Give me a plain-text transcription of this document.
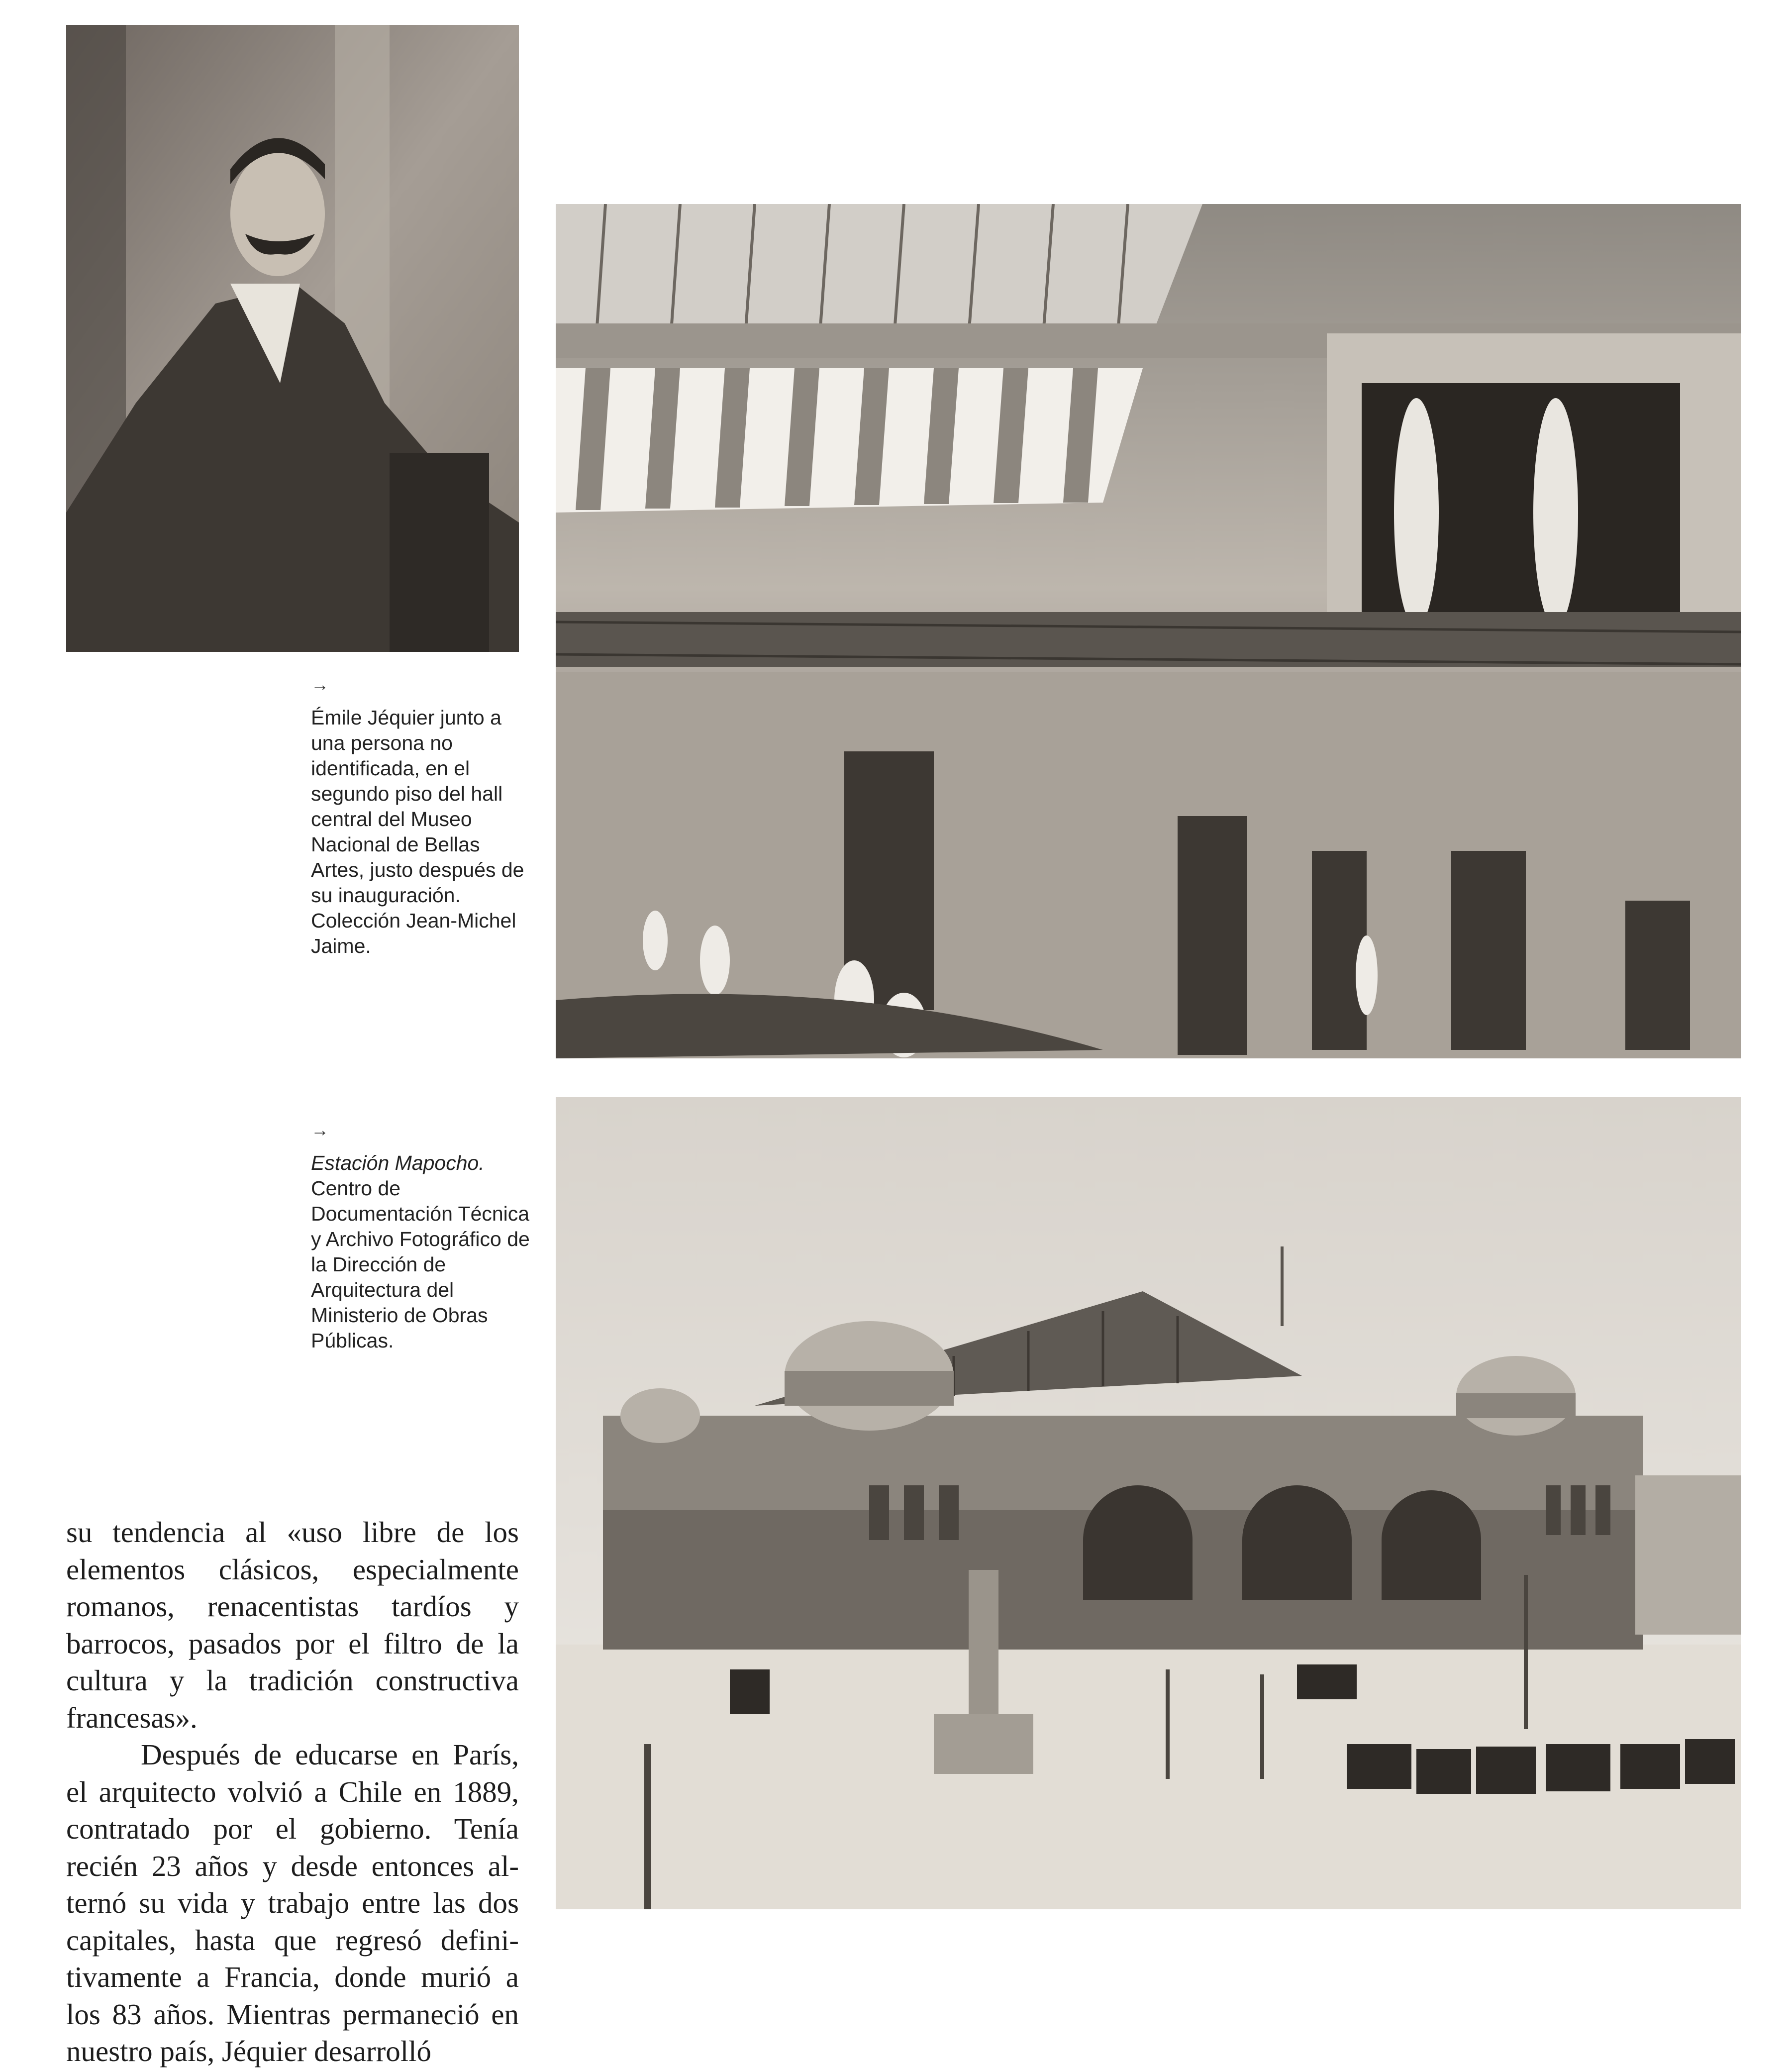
→
Émile Jéquier junto a una persona no identificada, en el segundo piso del hall central del Museo Nacional de Bellas Artes, justo después de su inauguración. Colección Jean-Michel Jaime.
→
Estación Mapocho. Centro de Documentación Técnica y Archivo Fotográfico de la Dirección de Arquitectura del Ministerio de Obras Públicas.

su tendencia al «uso libre de los elementos clásicos, especialmente romanos, renacentistas tardíos y barrocos, pasados por el filtro de la cultura y la tradición constructiva francesas».

Después de educarse en París, el arquitecto volvió a Chile en 1889, contratado por el gobierno. Tenía recién 23 años y desde entonces alternó su vida y trabajo entre las dos capitales, hasta que regresó definitivamente a Francia, donde murió a los 83 años. Mientras permaneció en nuestro país, Jéquier desarrolló
